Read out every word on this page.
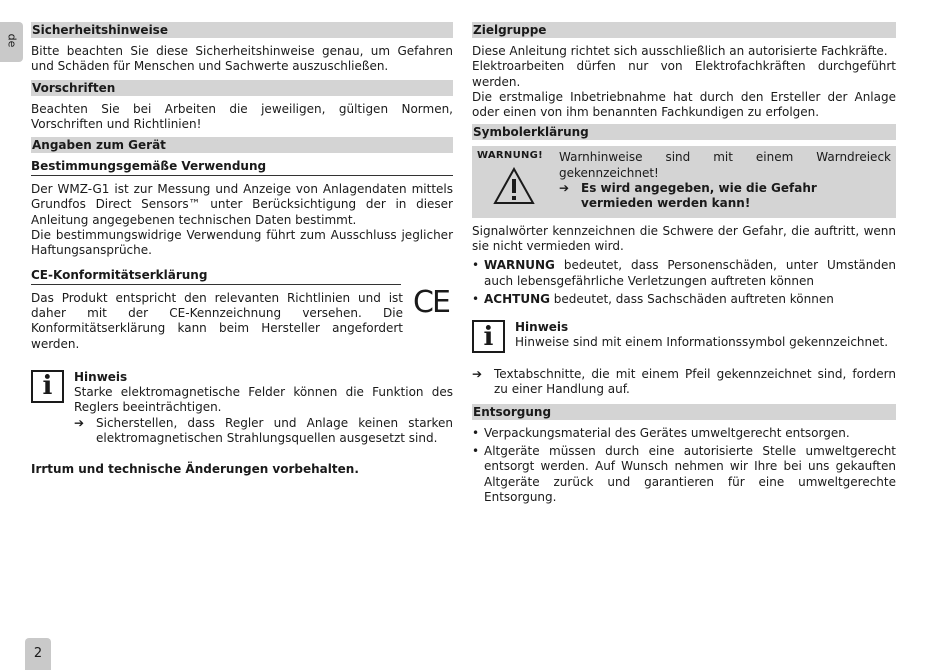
de
2
Sicherheitshinweise

Bitte beachten Sie diese Sicherheitshinweise genau, um Gefahren und Schäden für Menschen und Sachwerte auszuschließen.

Vorschriften

Beachten Sie bei Arbeiten die jeweiligen, gültigen Normen, Vorschriften und Richtlinien!

Angaben zum Gerät
Bestimmungsgemäße Verwendung

Der WMZ-G1 ist zur Messung und Anzeige von Anlagendaten mittels Grundfos Direct Sensors™ unter Berücksichtigung der in dieser Anleitung angegebenen technischen Daten bestimmt.

Die bestimmungswidrige Verwendung führt zum Ausschluss jeglicher Haftungsansprüche.

CE-Konformitätserklärung

Das Produkt entspricht den relevanten Richtlinien und ist daher mit der CE-Kennzeichnung versehen. Die Konformitätserklärung kann beim Hersteller angefordert werden.

i	Hinweis

Starke elektromagnetische Felder können die Funktion des Reglers beeinträchtigen.

➔ Sicherstellen, dass Regler und Anlage keinen starken elektromagnetischen Strahlungsquellen ausgesetzt sind.

Irrtum und technische Änderungen vorbehalten.

CE
Zielgruppe

Diese Anleitung richtet sich ausschließlich an autorisierte Fachkräfte.

Elektroarbeiten dürfen nur von Elektrofachkräften durchgeführt werden.

Die erstmalige Inbetriebnahme hat durch den Ersteller der Anlage oder einen von ihm benannten Fachkundigen zu erfolgen.

Symbolerklärung
WARNUNG!	Warnhinweise sind mit einem Warndreieck gekennzeichnet!

➔ Es wird angegeben, wie die Gefahr vermieden werden kann!

Signalwörter kennzeichnen die Schwere der Gefahr, die auftritt, wenn sie nicht vermieden wird.

• WARNUNG bedeutet, dass Personenschäden, unter Umständen auch lebensgefährliche Verletzungen auftreten können
• ACHTUNG bedeutet, dass Sachschäden auftreten können
i	Hinweis

Hinweise sind mit einem Informationssymbol gekennzeichnet.

➔ Textabschnitte, die mit einem Pfeil gekennzeichnet sind, fordern zu einer Handlung auf.
Entsorgung
• Verpackungsmaterial des Gerätes umweltgerecht entsorgen.
• Altgeräte müssen durch eine autorisierte Stelle umweltgerecht entsorgt werden. Auf Wunsch nehmen wir Ihre bei uns gekauften Altgeräte zurück und garantieren für eine umweltgerechte Entsorgung.
